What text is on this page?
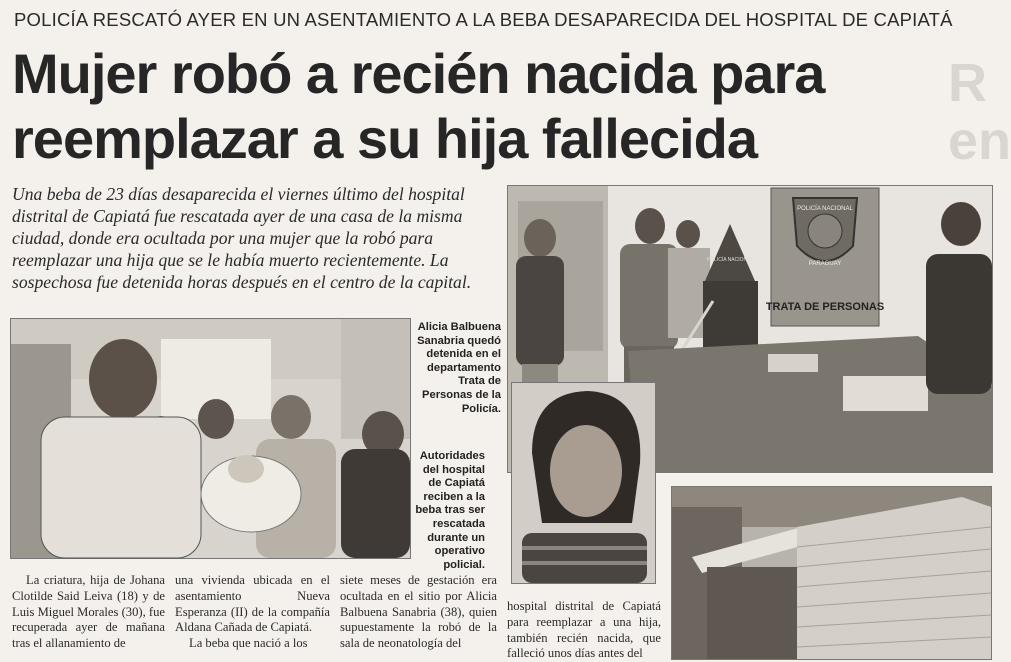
POLICÍA RESCATÓ AYER EN UN ASENTAMIENTO A LA BEBA DESAPARECIDA DEL HOSPITAL DE CAPIATÁ
Mujer robó a recién nacida para
reemplazar a su hija fallecida
R
en
Una beba de 23 días desaparecida el viernes último del hospital distrital de Capiatá fue rescatada ayer de una casa de la misma ciudad, donde era ocultada por una mujer que la robó para reemplazar una hija que se le había muerto recientemente. La sospechosa fue detenida horas después en el centro de la capital.
POLICÍA NACIONAL
PARAGUAY
TRATA DE PERSONAS
POLICÍA NACIONAL
Alicia Balbuena Sanabria quedó detenida en el departamento Trata de Personas de la Policía.
Autoridades del hospital de Capiatá reciben a la beba tras ser rescatada durante un operativo policial.
La criatura, hija de Johana Clotilde Said Leiva (18) y de Luis Miguel Morales (30), fue recuperada ayer de mañana tras el allanamiento de

una vivienda ubicada en el asentamiento Nueva Esperanza (II) de la compañía Aldana Cañada de Capiatá.

La beba que nació a los

siete meses de gestación era ocultada en el sitio por Alicia Balbuena Sanabria (38), quien supuestamente la robó de la sala de neonatología del
hospital distrital de Capiatá para reemplazar a una hija, también recién nacida, que falleció unos días antes del
